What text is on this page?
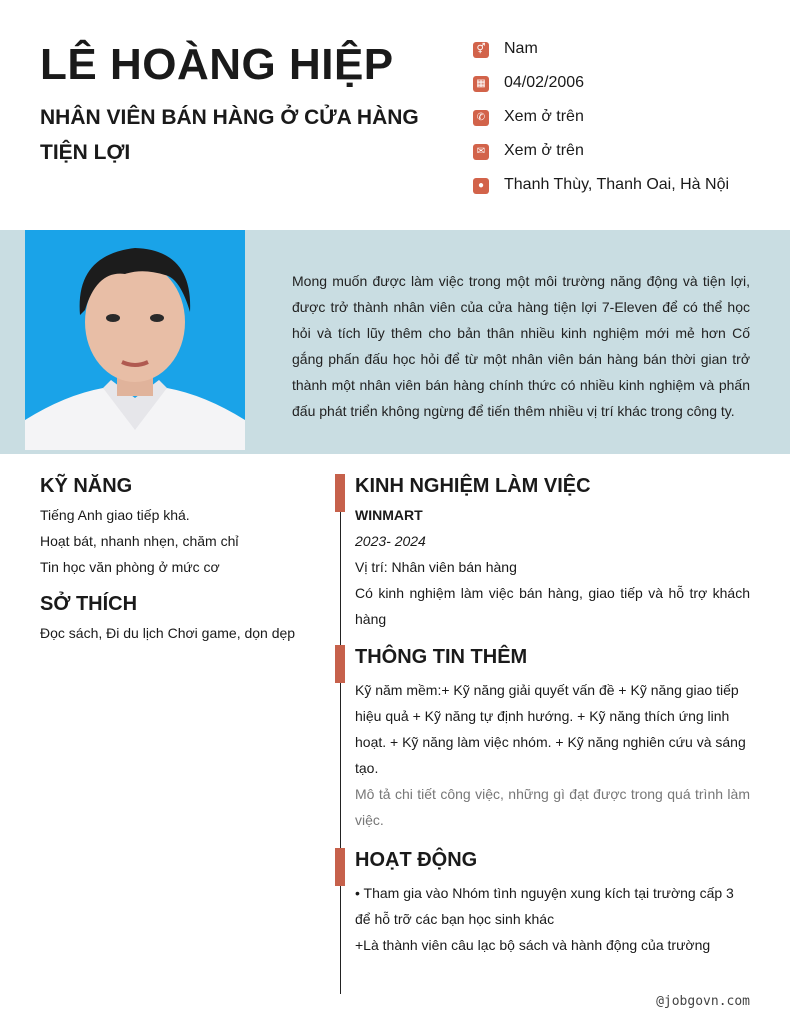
LÊ HOÀNG HIỆP
NHÂN VIÊN BÁN HÀNG Ở CỬA HÀNG TIỆN LỢI
⚥ Nam
▦ 04/02/2006
✆ Xem ở trên
✉ Xem ở trên
●	Thanh Thùy, Thanh Oai, Hà Nội

Mong muốn được làm việc trong một môi trường năng động và tiện lợi, được trở thành nhân viên của cửa hàng tiện lợi 7-Eleven để có thể học hỏi và tích lũy thêm cho bản thân nhiều kinh nghiệm mới mẻ hơn Cố gắng phấn đấu học hỏi để từ một nhân viên bán hàng bán thời gian trở thành một nhân viên bán hàng chính thức có nhiều kinh nghiệm và phấn đấu phát triển không ngừng để tiến thêm nhiều vị trí khác trong công ty.

KỸ NĂNG

Tiếng Anh giao tiếp khá.

Hoạt bát, nhanh nhẹn, chăm chỉ

Tin học văn phòng ở mức cơ

SỞ THÍCH

Đọc sách, Đi du lịch Chơi game, dọn dẹp

KINH NGHIỆM LÀM VIỆC

WINMART

2023- 2024

Vị trí: Nhân viên bán hàng

Có kinh nghiệm làm việc bán hàng, giao tiếp và hỗ trợ khách hàng

THÔNG TIN THÊM

Kỹ năm mềm:+ Kỹ năng giải quyết vấn đề + Kỹ năng giao tiếp hiệu quả + Kỹ năng tự định hướng. + Kỹ năng thích ứng linh hoạt. + Kỹ năng làm việc nhóm. + Kỹ năng nghiên cứu và sáng tạo.

Mô tả chi tiết công việc, những gì đạt được trong quá trình làm việc.

HOẠT ĐỘNG

• Tham gia vào Nhóm tình nguyện xung kích tại trường cấp 3 để hỗ trỡ các bạn học sinh khác

+Là thành viên câu lạc bộ sách và hành động của trường

@jobgovn.com
